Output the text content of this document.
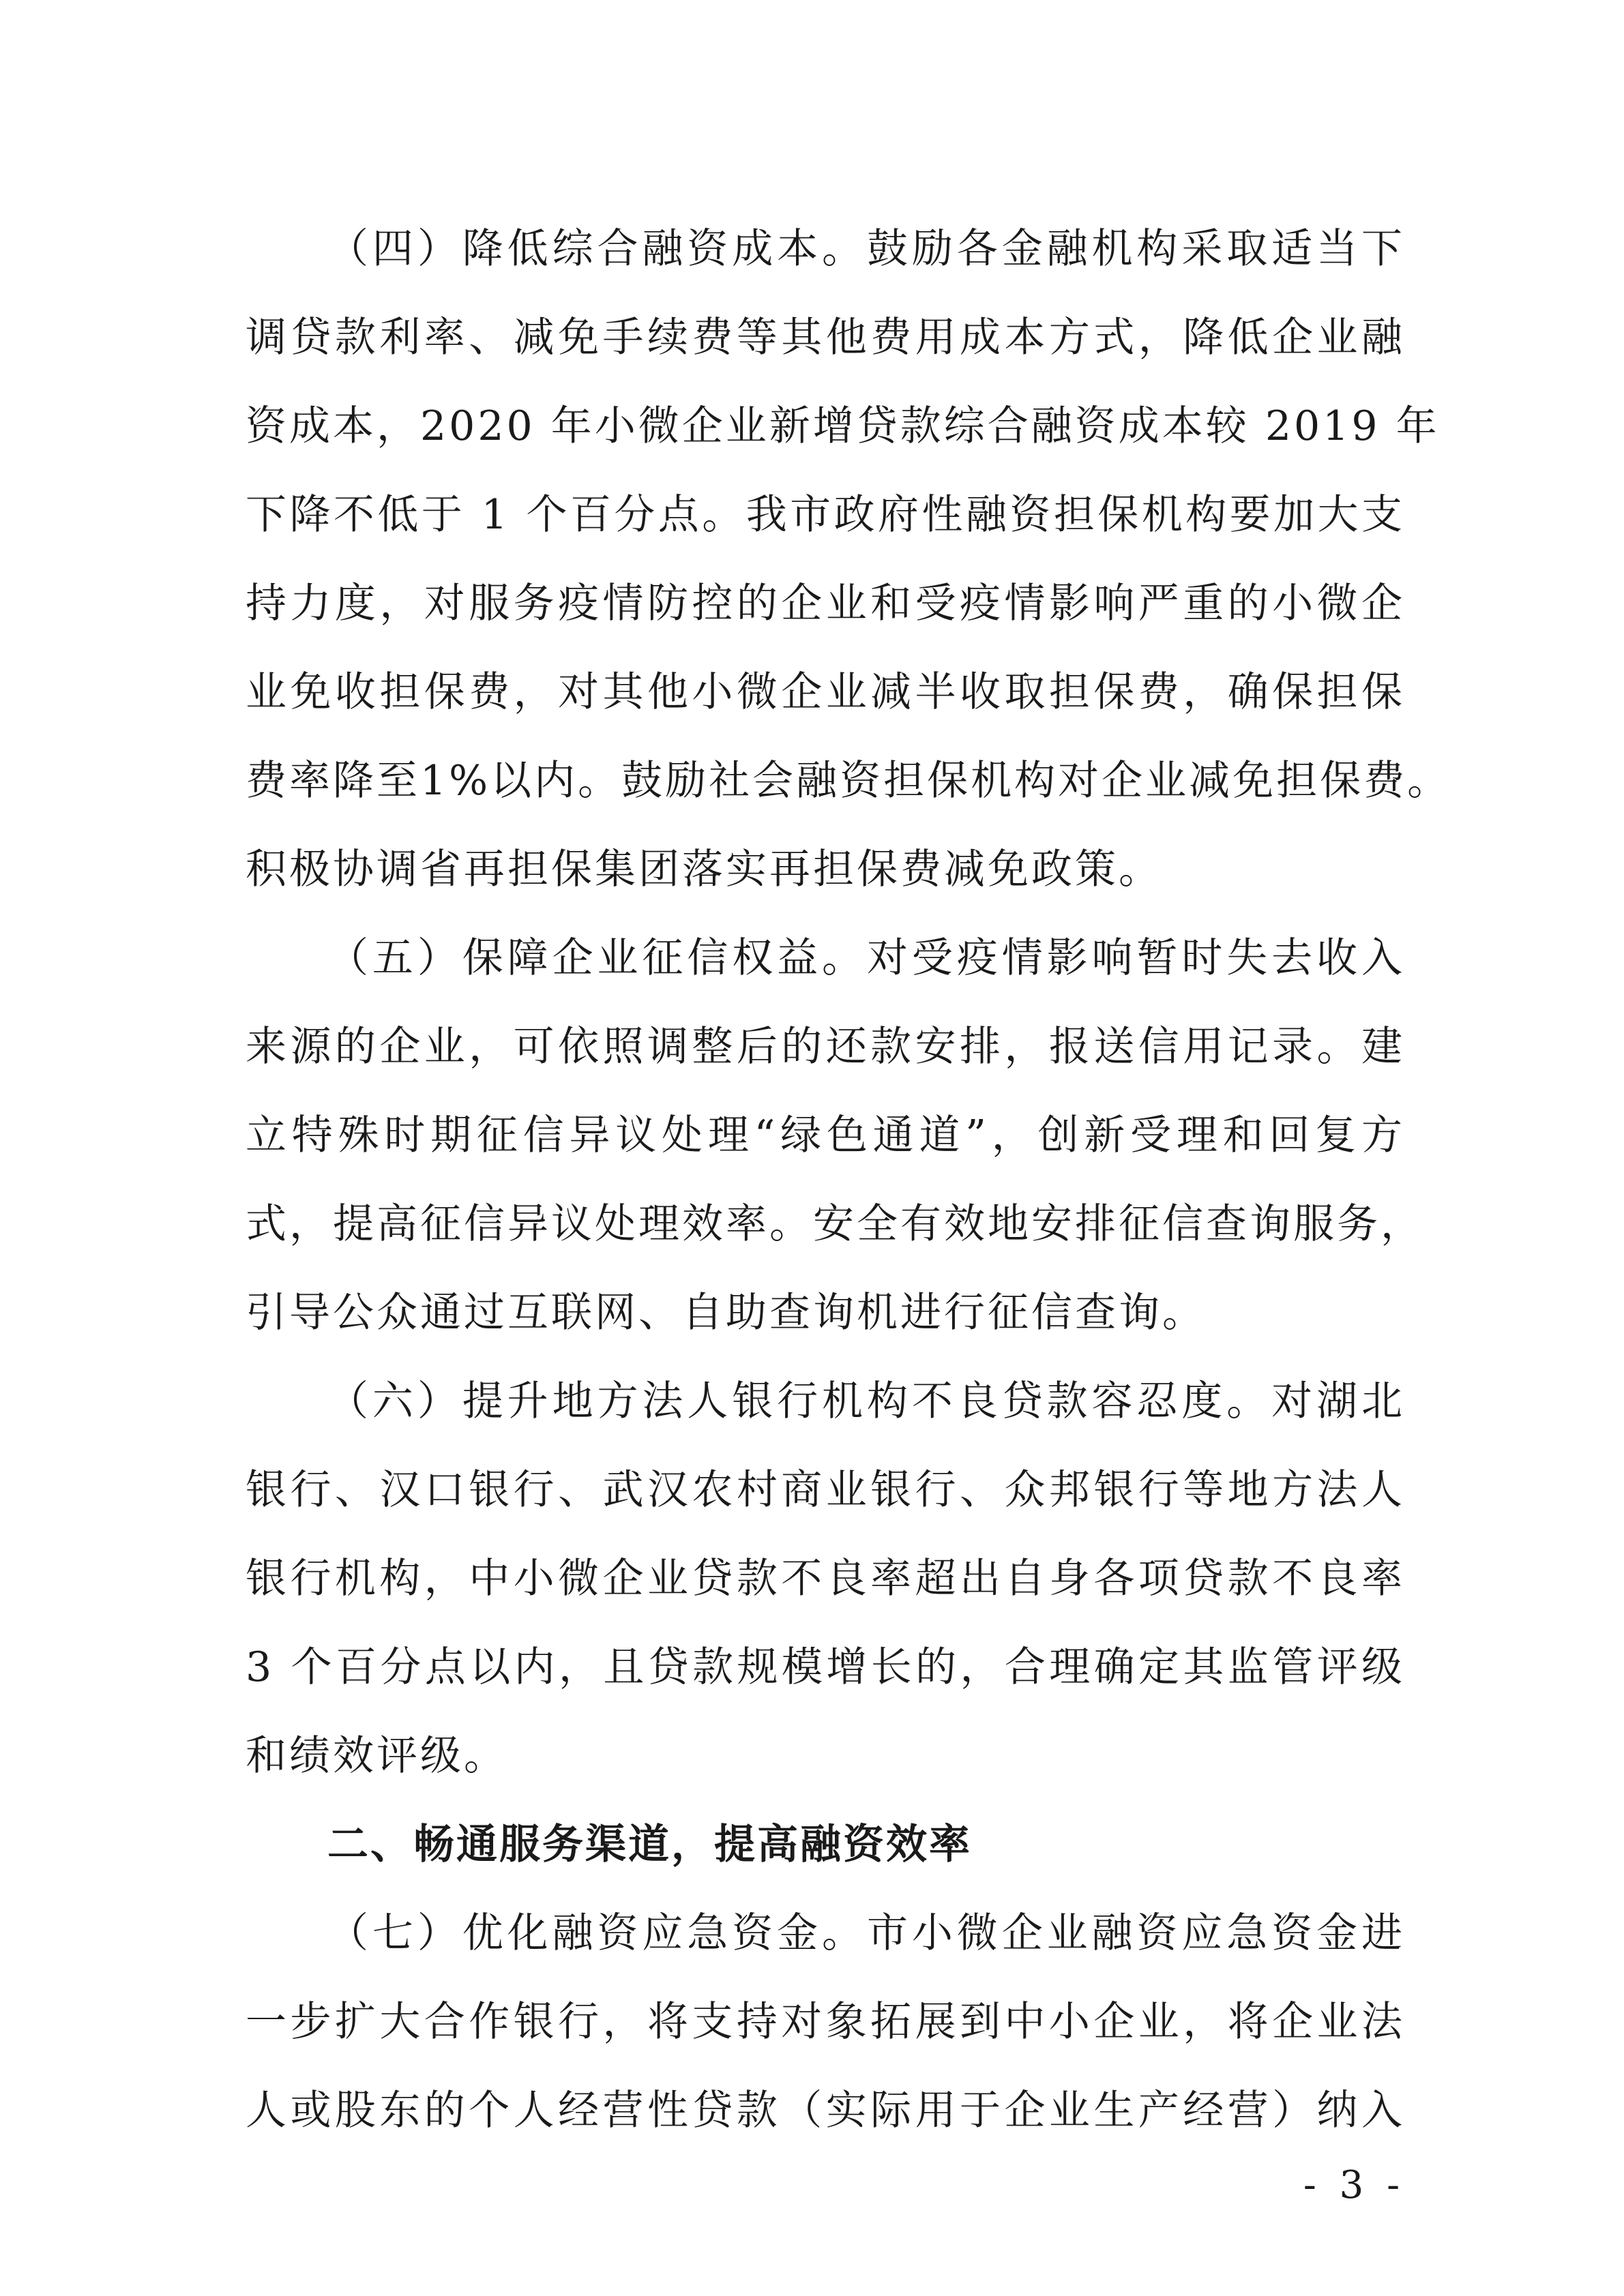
（四）降低综合融资成本。鼓励各金融机构采取适当下
调贷款利率、减免手续费等其他费用成本方式，降低企业融
资成本，2020 年小微企业新增贷款综合融资成本较 2019 年
下降不低于 1 个百分点。我市政府性融资担保机构要加大支
持力度，对服务疫情防控的企业和受疫情影响严重的小微企
业免收担保费，对其他小微企业减半收取担保费，确保担保
费率降至1%以内。鼓励社会融资担保机构对企业减免担保费。
积极协调省再担保集团落实再担保费减免政策。
（五）保障企业征信权益。对受疫情影响暂时失去收入
来源的企业，可依照调整后的还款安排，报送信用记录。建
立特殊时期征信异议处理“绿色通道”，创新受理和回复方
式，提高征信异议处理效率。安全有效地安排征信查询服务，
引导公众通过互联网、自助查询机进行征信查询。
（六）提升地方法人银行机构不良贷款容忍度。对湖北
银行、汉口银行、武汉农村商业银行、众邦银行等地方法人
银行机构，中小微企业贷款不良率超出自身各项贷款不良率
3 个百分点以内，且贷款规模增长的，合理确定其监管评级
和绩效评级。
二、畅通服务渠道，提高融资效率
（七）优化融资应急资金。市小微企业融资应急资金进
一步扩大合作银行，将支持对象拓展到中小企业，将企业法
人或股东的个人经营性贷款（实际用于企业生产经营）纳入
- 3 -
